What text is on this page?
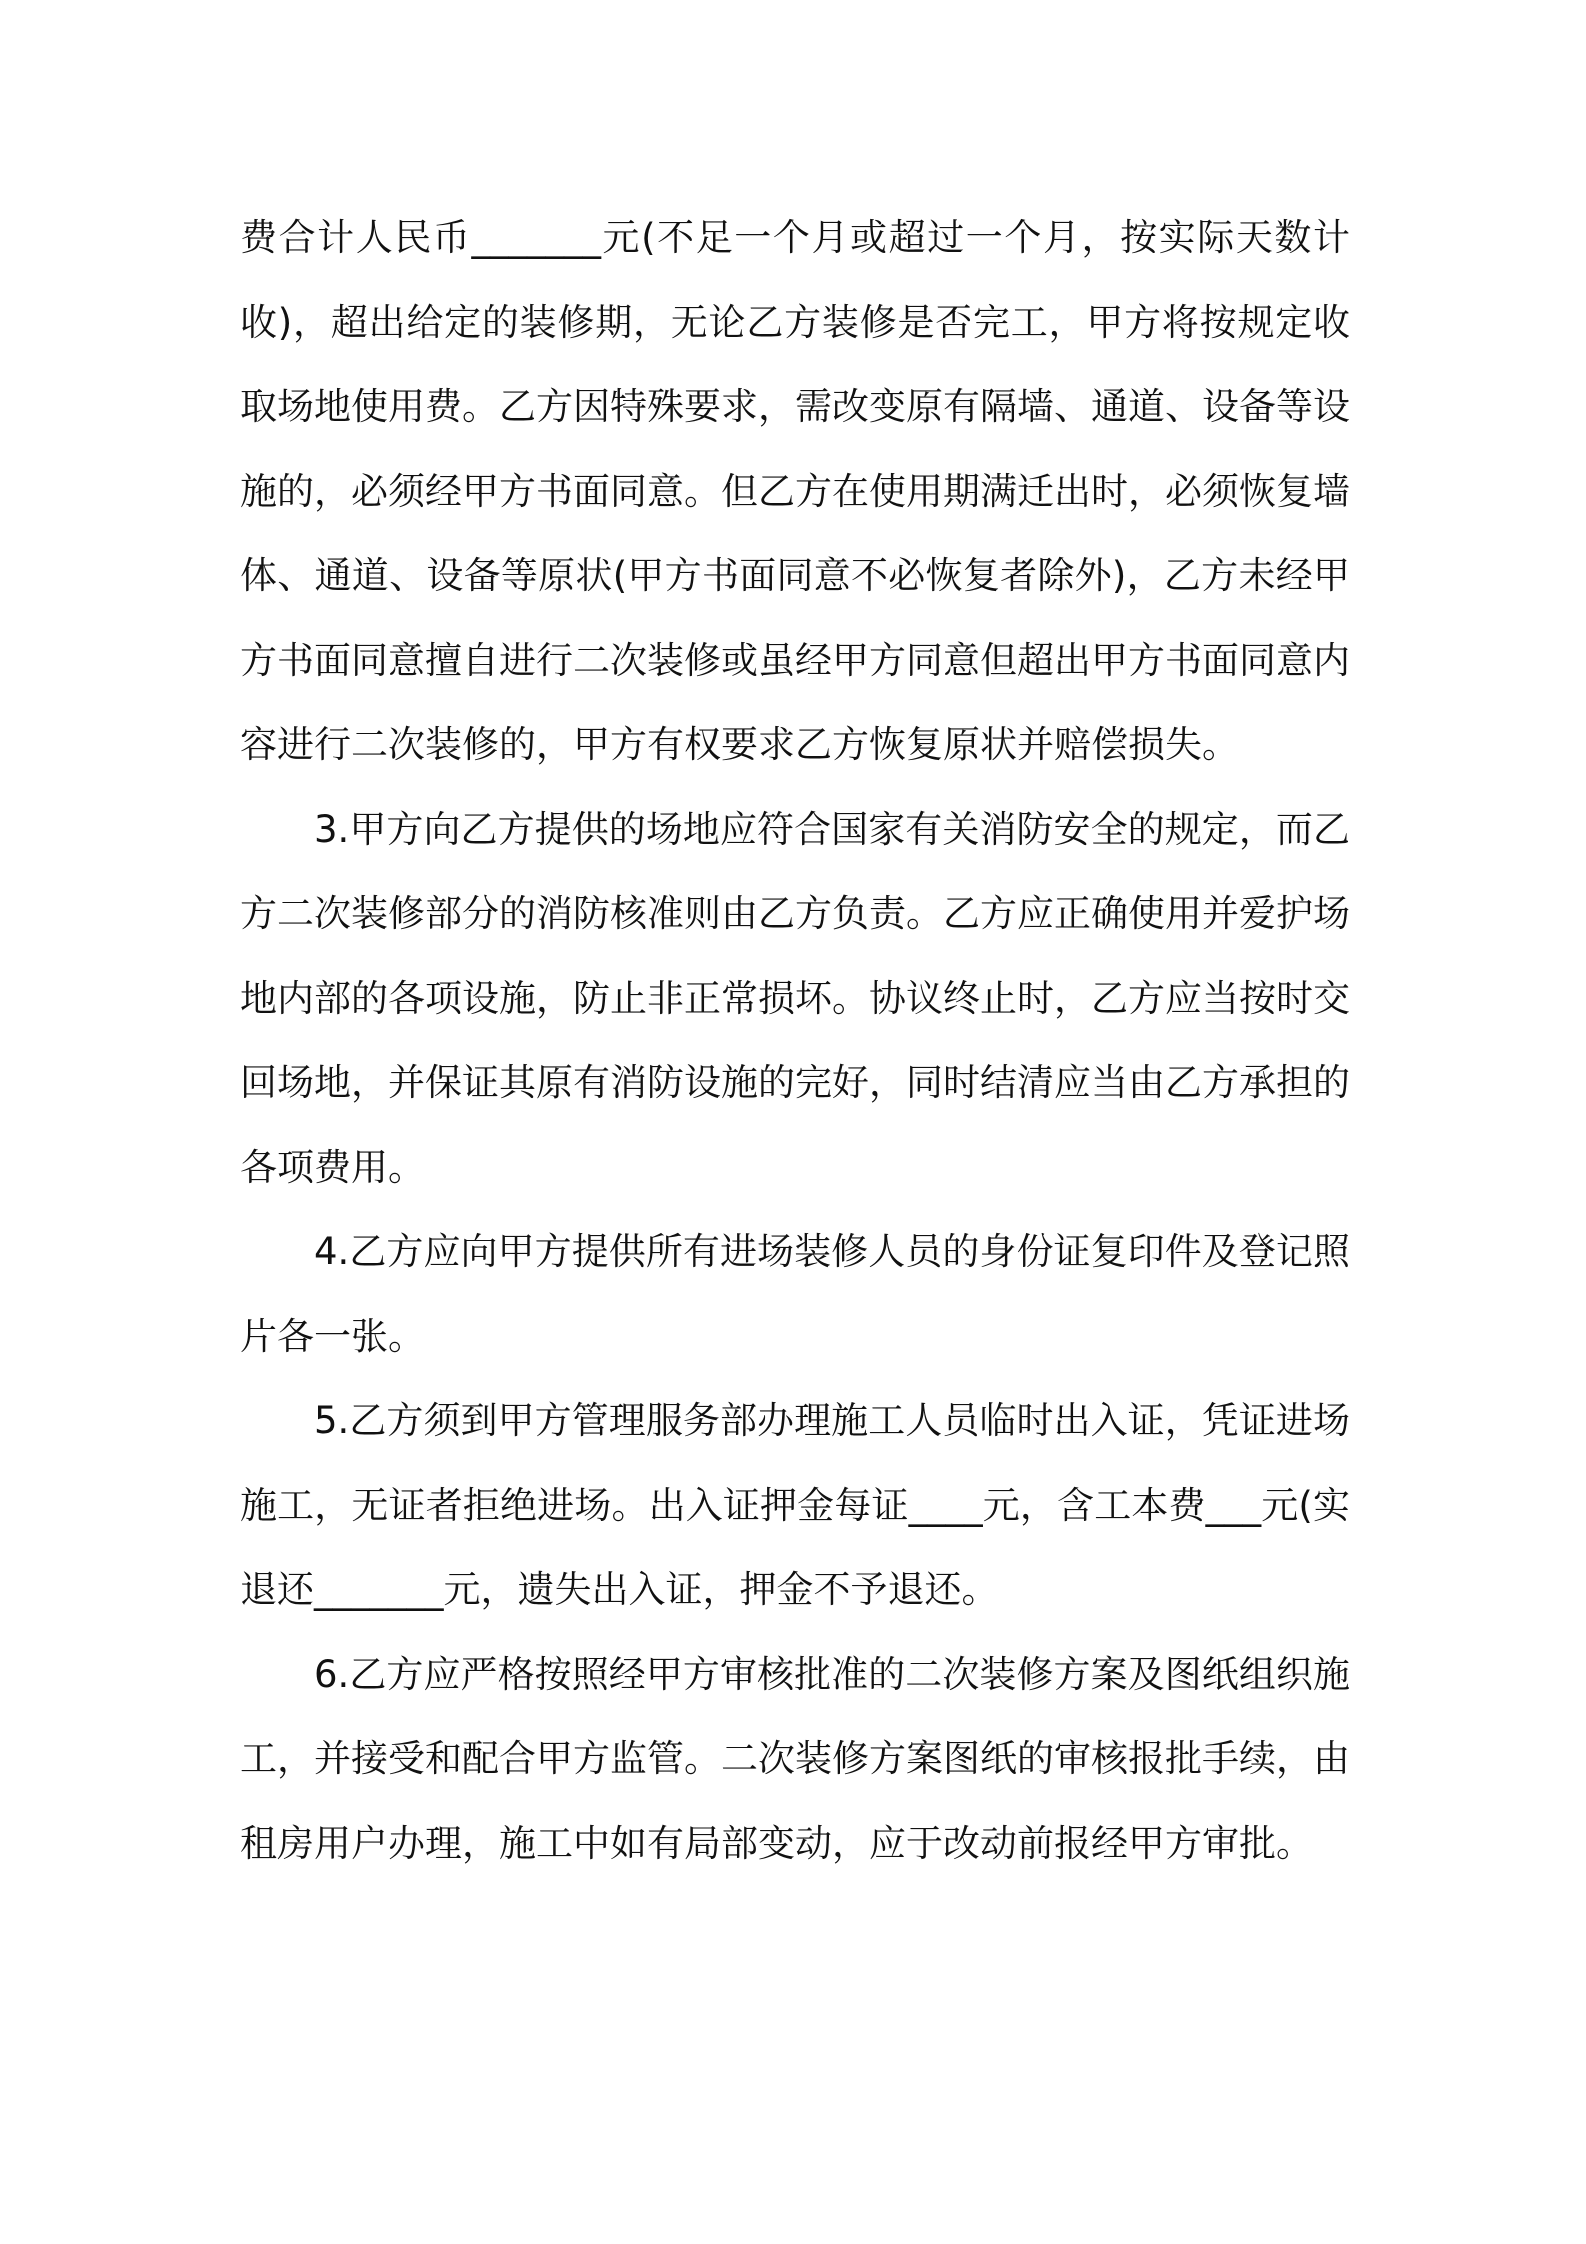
费合计人民币_______元(不足一个月或超过一个月，按实际天数计收)，超出给定的装修期，无论乙方装修是否完工，甲方将按规定收取场地使用费。乙方因特殊要求，需改变原有隔墙、通道、设备等设施的，必须经甲方书面同意。但乙方在使用期满迁出时，必须恢复墙体、通道、设备等原状(甲方书面同意不必恢复者除外)，乙方未经甲方书面同意擅自进行二次装修或虽经甲方同意但超出甲方书面同意内容进行二次装修的，甲方有权要求乙方恢复原状并赔偿损失。

3.甲方向乙方提供的场地应符合国家有关消防安全的规定，而乙方二次装修部分的消防核准则由乙方负责。乙方应正确使用并爱护场地内部的各项设施，防止非正常损坏。协议终止时，乙方应当按时交回场地，并保证其原有消防设施的完好，同时结清应当由乙方承担的各项费用。

4.乙方应向甲方提供所有进场装修人员的身份证复印件及登记照片各一张。

5.乙方须到甲方管理服务部办理施工人员临时出入证，凭证进场施工，无证者拒绝进场。出入证押金每证____元，含工本费___元(实退还_______元，遗失出入证，押金不予退还。

6.乙方应严格按照经甲方审核批准的二次装修方案及图纸组织施工，并接受和配合甲方监管。二次装修方案图纸的审核报批手续，由租房用户办理，施工中如有局部变动，应于改动前报经甲方审批。
